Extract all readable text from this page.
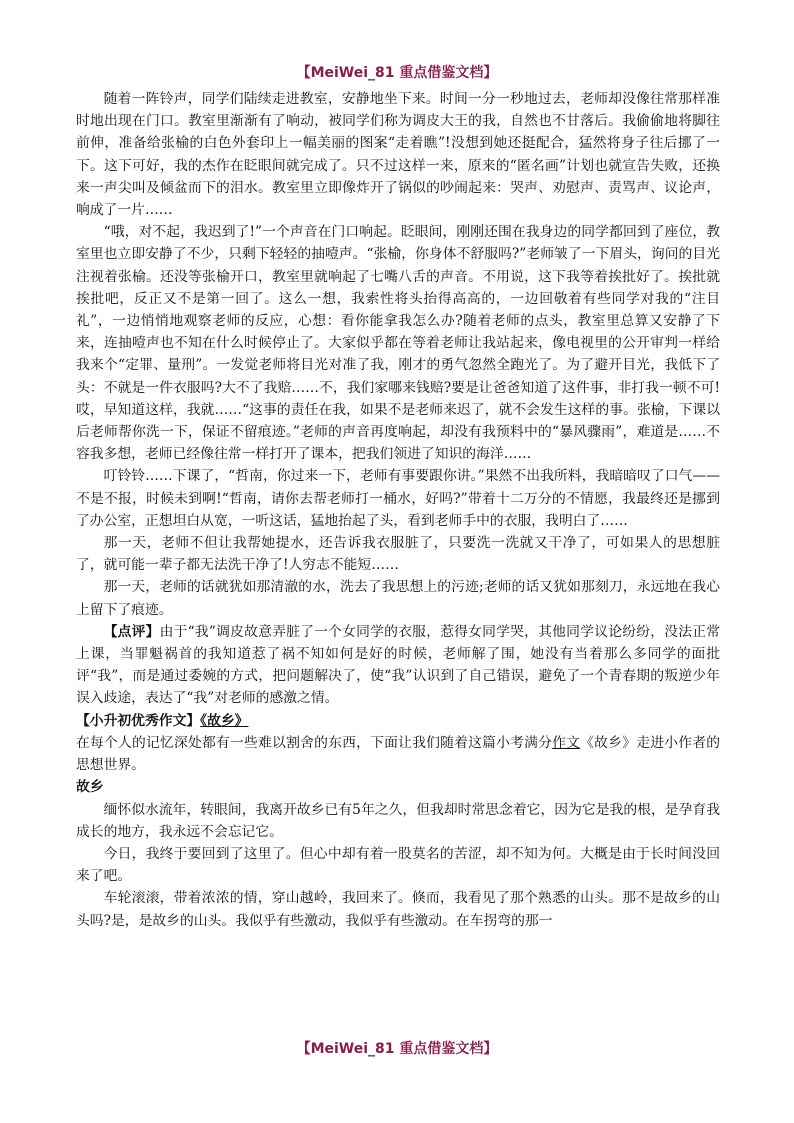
【MeiWei_81 重点借鉴文档】

随着一阵铃声，同学们陆续走进教室，安静地坐下来。时间一分一秒地过去，老师却没像往常那样准时地出现在门口。教室里渐渐有了响动，被同学们称为调皮大王的我，自然也不甘落后。我偷偷地将脚往前伸，准备给张榆的白色外套印上一幅美丽的图案“走着瞧”!没想到她还挺配合，猛然将身子往后挪了一下。这下可好，我的杰作在眨眼间就完成了。只不过这样一来，原来的“匿名画”计划也就宣告失败，还换来一声尖叫及倾盆而下的泪水。教室里立即像炸开了锅似的吵闹起来：哭声、劝慰声、责骂声、议论声，响成了一片……

“哦，对不起，我迟到了!”一个声音在门口响起。眨眼间，刚刚还围在我身边的同学都回到了座位，教室里也立即安静了不少，只剩下轻轻的抽噎声。“张榆，你身体不舒服吗?”老师皱了一下眉头，询问的目光注视着张榆。还没等张榆开口，教室里就响起了七嘴八舌的声音。不用说，这下我等着挨批好了。挨批就挨批吧，反正又不是第一回了。这么一想，我索性将头抬得高高的，一边回敬着有些同学对我的“注目礼”，一边悄悄地观察老师的反应，心想：看你能拿我怎么办?随着老师的点头，教室里总算又安静了下来，连抽噎声也不知在什么时候停止了。大家似乎都在等着老师让我站起来，像电视里的公开审判一样给我来个“定罪、量刑”。一发觉老师将目光对准了我，刚才的勇气忽然全跑光了。为了避开目光，我低下了头：不就是一件衣服吗?大不了我赔……不，我们家哪来钱赔?要是让爸爸知道了这件事，非打我一顿不可!哎，早知道这样，我就……“这事的责任在我，如果不是老师来迟了，就不会发生这样的事。张榆，下课以后老师帮你洗一下，保证不留痕迹。”老师的声音再度响起，却没有我预料中的“暴风骤雨”，难道是……不容我多想，老师已经像往常一样打开了课本，把我们领进了知识的海洋……

叮铃铃……下课了，“哲南，你过来一下，老师有事要跟你讲。”果然不出我所料，我暗暗叹了口气——不是不报，时候未到啊!“哲南，请你去帮老师打一桶水，好吗?”带着十二万分的不情愿，我最终还是挪到了办公室，正想坦白从宽，一听这话，猛地抬起了头，看到老师手中的衣服，我明白了……

那一天，老师不但让我帮她提水，还告诉我衣服脏了，只要洗一洗就又干净了，可如果人的思想脏了，就可能一辈子都无法洗干净了!人穷志不能短……

那一天，老师的话就犹如那清澈的水，洗去了我思想上的污迹;老师的话又犹如那刻刀，永远地在我心上留下了痕迹。

【点评】由于“我”调皮故意弄脏了一个女同学的衣服，惹得女同学哭，其他同学议论纷纷，没法正常上课，当罪魁祸首的我知道惹了祸不知如何是好的时候，老师解了围，她没有当着那么多同学的面批评“我”，而是通过委婉的方式，把问题解决了，使“我”认识到了自己错误，避免了一个青春期的叛逆少年误入歧途，表达了“我”对老师的感激之情。

【小升初优秀作文】《故乡》

在每个人的记忆深处都有一些难以割舍的东西，下面让我们随着这篇小考满分作文《故乡》走进小作者的思想世界。

故乡

缅怀似水流年，转眼间，我离开故乡已有5年之久，但我却时常思念着它，因为它是我的根，是孕育我成长的地方，我永远不会忘记它。

今日，我终于要回到了这里了。但心中却有着一股莫名的苦涩，却不知为何。大概是由于长时间没回来了吧。

车轮滚滚，带着浓浓的情，穿山越岭，我回来了。倏而，我看见了那个熟悉的山头。那不是故乡的山头吗?是，是故乡的山头。我似乎有些激动，我似乎有些激动。在车拐弯的那一

【MeiWei_81 重点借鉴文档】
